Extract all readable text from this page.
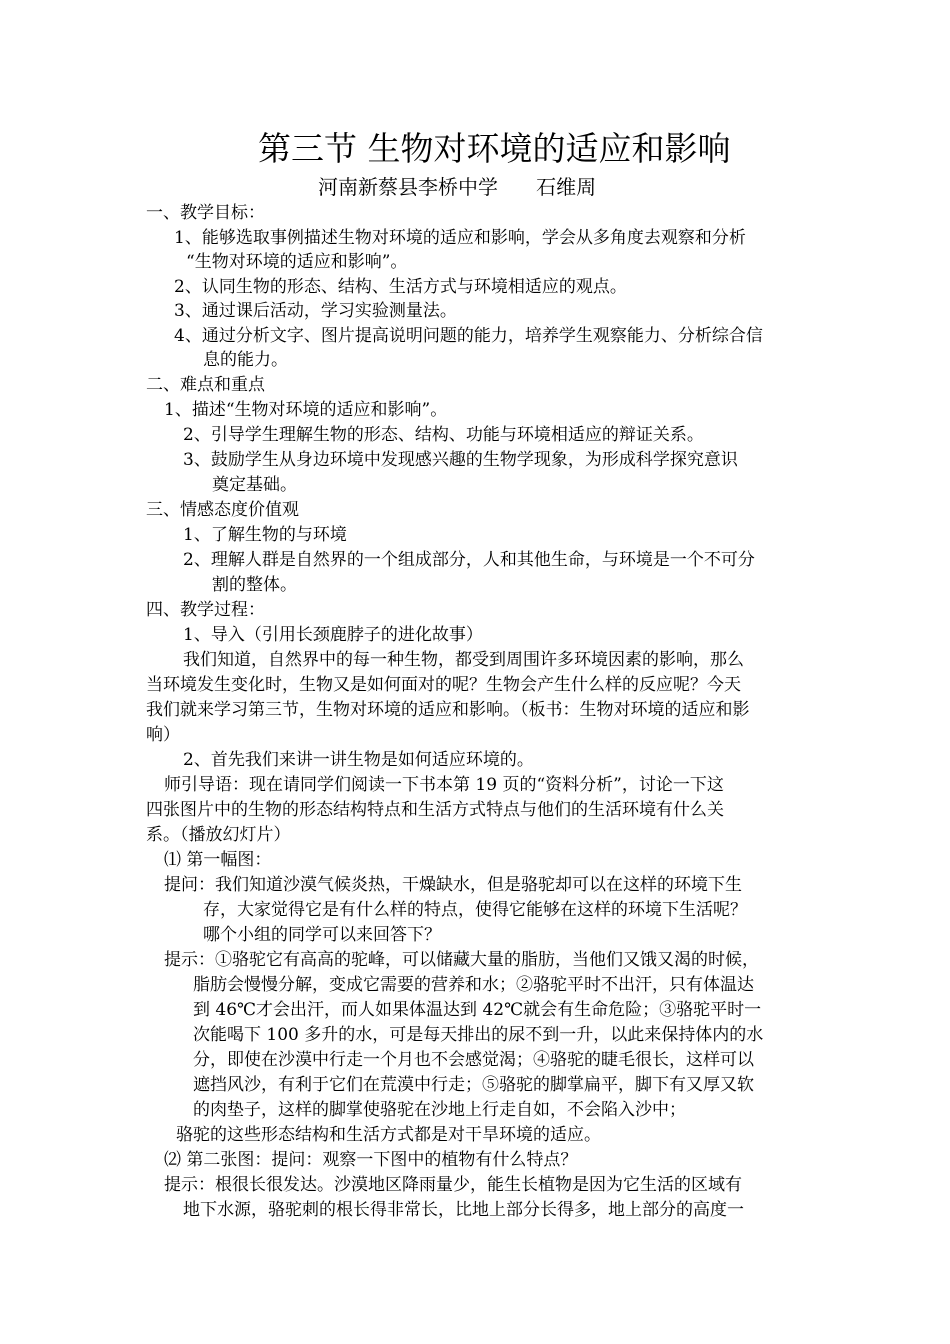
第三节 生物对环境的适应和影响
河南新蔡县李桥中学      石维周
一、教学目标：
1、能够选取事例描述生物对环境的适应和影响，学会从多角度去观察和分析
“生物对环境的适应和影响”。
2、认同生物的形态、结构、生活方式与环境相适应的观点。
3、通过课后活动，学习实验测量法。
4、通过分析文字、图片提高说明问题的能力，培养学生观察能力、分析综合信
息的能力。
二、难点和重点
1、描述“生物对环境的适应和影响”。
2、引导学生理解生物的形态、结构、功能与环境相适应的辩证关系。
3、鼓励学生从身边环境中发现感兴趣的生物学现象，为形成科学探究意识
奠定基础。
三、情感态度价值观
1、了解生物的与环境
2、理解人群是自然界的一个组成部分，人和其他生命，与环境是一个不可分
割的整体。
四、教学过程：
1、导入（引用长颈鹿脖子的进化故事）
我们知道，自然界中的每一种生物，都受到周围许多环境因素的影响，那么
当环境发生变化时，生物又是如何面对的呢？生物会产生什么样的反应呢？今天
我们就来学习第三节，生物对环境的适应和影响。（板书：生物对环境的适应和影
响）
2、首先我们来讲一讲生物是如何适应环境的。
师引导语：现在请同学们阅读一下书本第 19 页的“资料分析”，讨论一下这
四张图片中的生物的形态结构特点和生活方式特点与他们的生活环境有什么关
系。（播放幻灯片）
⑴ 第一幅图：
提问：我们知道沙漠气候炎热，干燥缺水，但是骆驼却可以在这样的环境下生
存，大家觉得它是有什么样的特点，使得它能够在这样的环境下生活呢？
哪个小组的同学可以来回答下？
提示：①骆驼它有高高的驼峰，可以储藏大量的脂肪，当他们又饿又渴的时候，
脂肪会慢慢分解，变成它需要的营养和水；②骆驼平时不出汗，只有体温达
到 46℃才会出汗，而人如果体温达到 42℃就会有生命危险；③骆驼平时一
次能喝下 100 多升的水，可是每天排出的尿不到一升，以此来保持体内的水
分，即使在沙漠中行走一个月也不会感觉渴；④骆驼的睫毛很长，这样可以
遮挡风沙，有利于它们在荒漠中行走；⑤骆驼的脚掌扁平，脚下有又厚又软
的肉垫子，这样的脚掌使骆驼在沙地上行走自如，不会陷入沙中；
骆驼的这些形态结构和生活方式都是对干旱环境的适应。
⑵ 第二张图：提问：观察一下图中的植物有什么特点？
提示：根很长很发达。沙漠地区降雨量少，能生长植物是因为它生活的区域有
地下水源，骆驼刺的根长得非常长，比地上部分长得多，地上部分的高度一
